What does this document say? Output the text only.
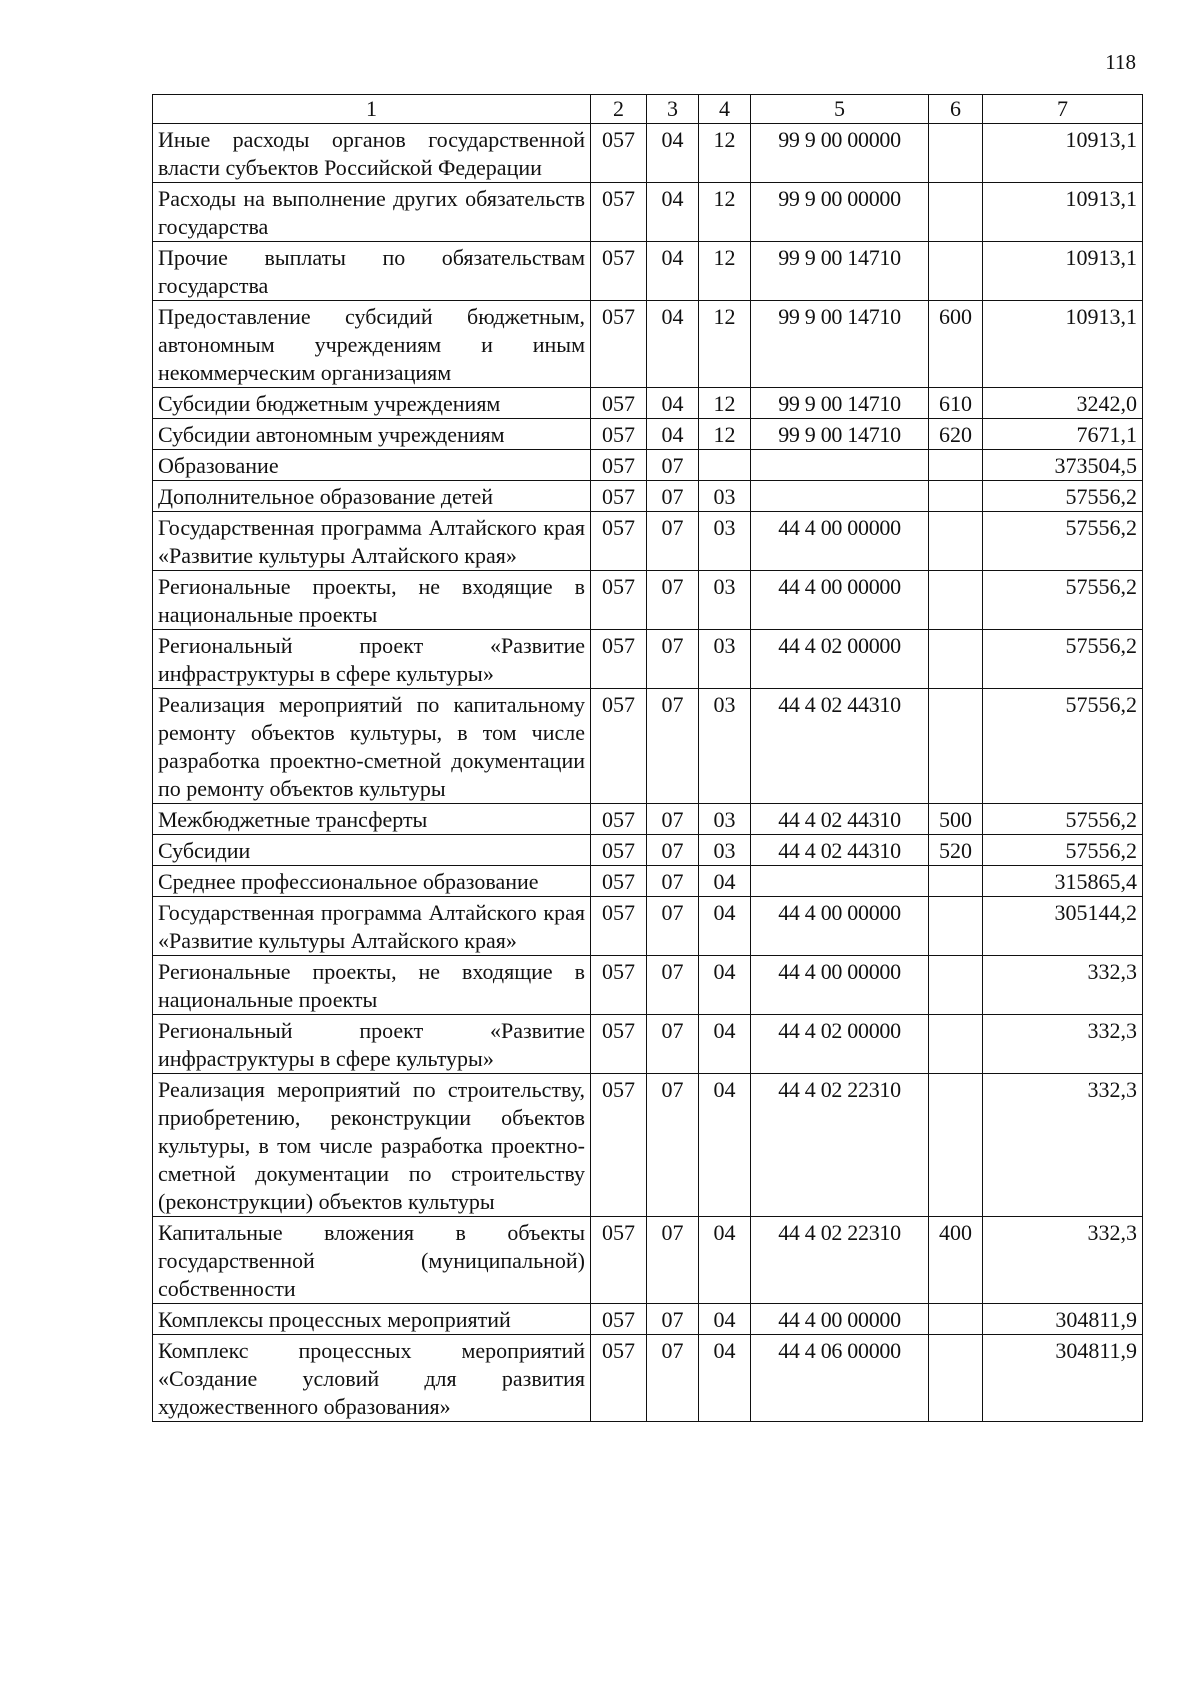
118
1	2	3	4	5	6	7
Иные расходы органов государственной власти субъектов Российской Федерации	057	04	12	99 9 00 00000		10913,1
Расходы на выполнение других обязательств государства	057	04	12	99 9 00 00000		10913,1
Прочие выплаты по обязательствам государства	057	04	12	99 9 00 14710		10913,1
Предоставление субсидий бюджетным, автономным учреждениям и иным некоммерческим организациям	057	04	12	99 9 00 14710	600	10913,1
Субсидии бюджетным учреждениям	057	04	12	99 9 00 14710	610	3242,0
Субсидии автономным учреждениям	057	04	12	99 9 00 14710	620	7671,1
Образование	057	07				373504,5
Дополнительное образование детей	057	07	03			57556,2
Государственная программа Алтайского края «Развитие культуры Алтайского края»	057	07	03	44 4 00 00000		57556,2
Региональные проекты, не входящие в национальные проекты	057	07	03	44 4 00 00000		57556,2
Региональный проект «Развитие инфраструктуры в сфере культуры»	057	07	03	44 4 02 00000		57556,2
Реализация мероприятий по капитальному ремонту объектов культуры, в том числе разработка проектно-сметной документации по ремонту объектов культуры	057	07	03	44 4 02 44310		57556,2
Межбюджетные трансферты	057	07	03	44 4 02 44310	500	57556,2
Субсидии	057	07	03	44 4 02 44310	520	57556,2
Среднее профессиональное образование	057	07	04			315865,4
Государственная программа Алтайского края «Развитие культуры Алтайского края»	057	07	04	44 4 00 00000		305144,2
Региональные проекты, не входящие в национальные проекты	057	07	04	44 4 00 00000		332,3
Региональный проект «Развитие инфраструктуры в сфере культуры»	057	07	04	44 4 02 00000		332,3
Реализация мероприятий по строительству, приобретению, реконструкции объектов культуры, в том числе разработка проектно-сметной документации по строительству (реконструкции) объектов культуры	057	07	04	44 4 02 22310		332,3
Капитальные вложения в объекты государственной (муниципальной) собственности	057	07	04	44 4 02 22310	400	332,3
Комплексы процессных мероприятий	057	07	04	44 4 00 00000		304811,9
Комплекс процессных мероприятий «Создание условий для развития художественного образования»	057	07	04	44 4 06 00000		304811,9
